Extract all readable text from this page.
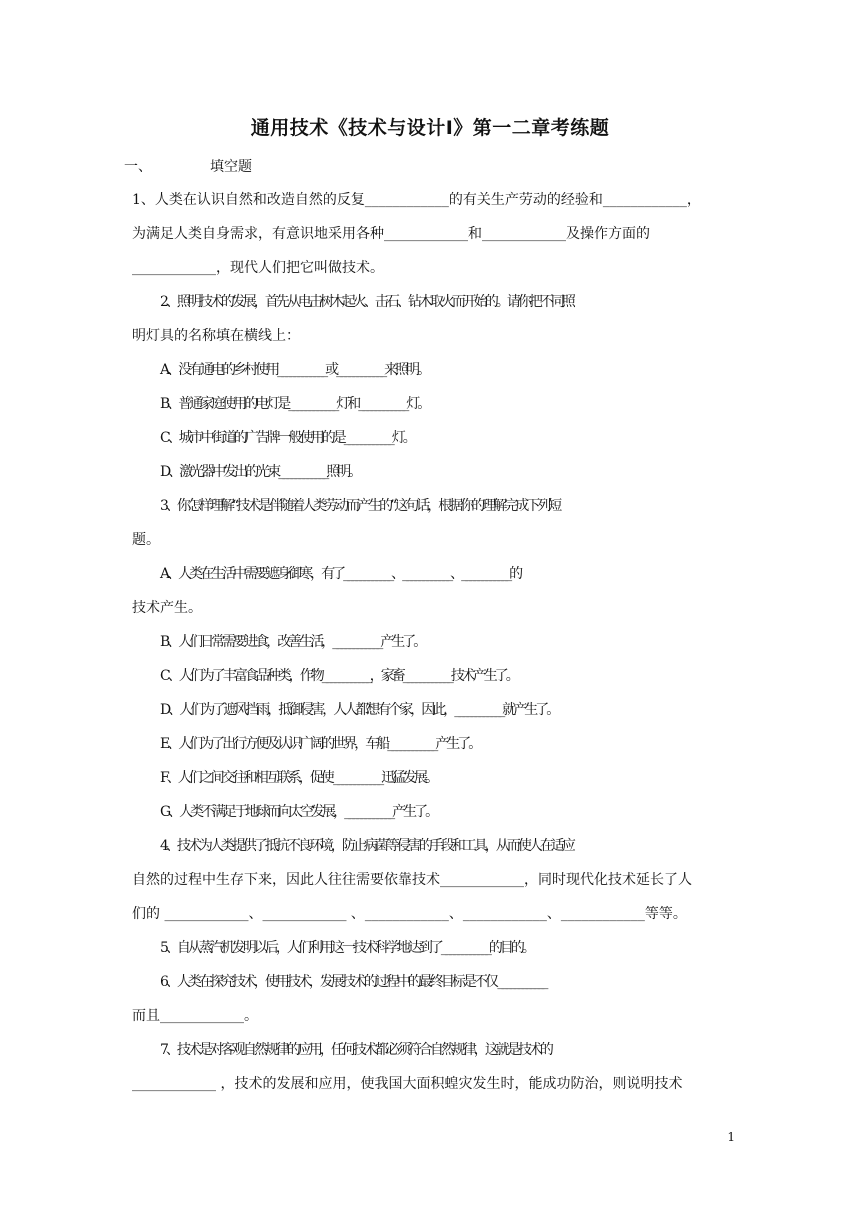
通用技术《技术与设计Ⅰ》第一二章考练题
一、	填空题
1、人类在认识自然和改造自然的反复____________的有关生产劳动的经验和____________，
为满足人类自身需求，有意识地采用各种____________和____________及操作方面的
____________，现代人们把它叫做技术。
2、照明技术的发展，首先从电击树木起火、击石、钻木取火而开始的。请你把不同照
明灯具的名称填在横线上：
A、没有通电的乡村使用____________或____________来照明。
B、普通家庭使用的电灯是____________灯和____________灯。
C、城市中街道的广告牌一般使用的是____________灯。
D、激光器中发出的光束____________照明。
3、你怎样理解“技术是伴随着人类劳动而产生的”这句话，根据你的理解完成下列短
题。
A、人类在生活中需要遮身御寒，有了____________、____________、____________的
技术产生。
B、人们日常需要进食，改善生活，____________产生了。
C、人们为了丰富食品种类，作物____________，家畜____________技术产生了。
D、人们为了遮风挡雨，抵御侵害，人人都想有个家，因此，____________就产生了。
E、人们为了出行方便及认识广阔的世界，车船____________产生了。
F、人们之间交往和相互联系，促使 ____________迅猛发展。
G、人类不满足于地球而向太空发展，____________产生了。
4、技术为人类提供了抵抗不良环境，防止病菌等侵害的手段和工具，从而使人在适应
自然的过程中生存下来，因此人往往需要依靠技术____________，同时现代化技术延长了人
们的 ____________、____________ 、____________、____________、____________等等。
5、自从蒸汽机发明以后，人们利用这一技术科学地达到了____________的目的。
6、人类在探究技术，使用技术，发展技术的过程中的最终目标是不仅 ____________
而且____________。
7、技术是对客观自然规律的应用，任何技术都必须符合自然规律，这就是技术的
____________ ，技术的发展和应用，使我国大面积蝗灾发生时，能成功防治，则说明技术
1
